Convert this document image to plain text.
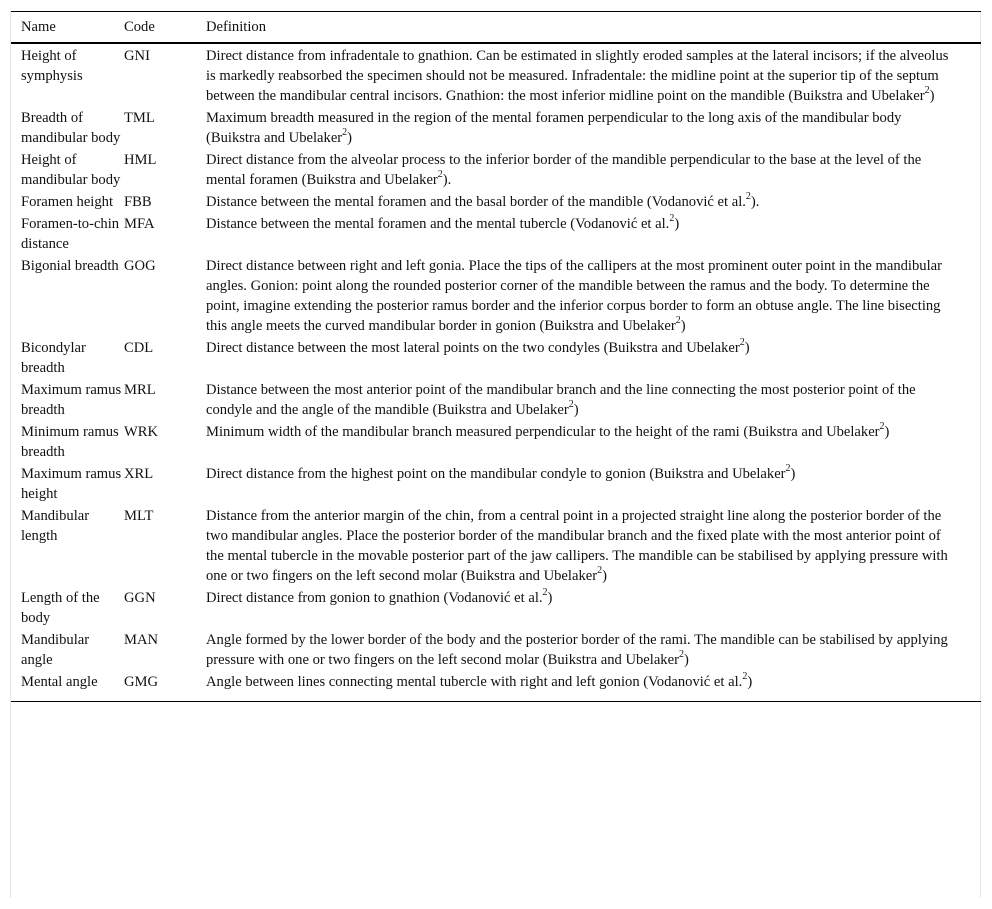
Name	Code	Definition
Height of symphysis	GNI	Direct distance from infradentale to gnathion. Can be estimated in slightly eroded samples at the lateral incisors; if the alveolus is markedly reabsorbed the specimen should not be measured. Infradentale: the midline point at the superior tip of the septum between the mandibular central incisors. Gnathion: the most inferior midline point on the mandible (Buikstra and Ubelaker$^2$)
Breadth of mandibular body	TML	Maximum breadth measured in the region of the mental foramen perpendicular to the long axis of the mandibular body (Buikstra and Ubelaker$^2$)
Height of mandibular body	HML	Direct distance from the alveolar process to the inferior border of the mandible perpendicular to the base at the level of the mental foramen (Buikstra and Ubelaker$^2$).
Foramen height	FBB	Distance between the mental foramen and the basal border of the mandible (Vodanović et al.$^2$).
Foramen-to-chin distance	MFA	Distance between the mental foramen and the mental tubercle (Vodanović et al.$^2$)
Bigonial breadth	GOG	Direct distance between right and left gonia. Place the tips of the callipers at the most prominent outer point in the mandibular angles. Gonion: point along the rounded posterior corner of the mandible between the ramus and the body. To determine the point, imagine extending the posterior ramus border and the inferior corpus border to form an obtuse angle. The line bisecting this angle meets the curved mandibular border in gonion (Buikstra and Ubelaker$^2$)
Bicondylar breadth	CDL	Direct distance between the most lateral points on the two condyles (Buikstra and Ubelaker$^2$)
Maximum ramus breadth	MRL	Distance between the most anterior point of the mandibular branch and the line connecting the most posterior point of the condyle and the angle of the mandible (Buikstra and Ubelaker$^2$)
Minimum ramus breadth	WRK	Minimum width of the mandibular branch measured perpendicular to the height of the rami (Buikstra and Ubelaker$^2$)
Maximum ramus height	XRL	Direct distance from the highest point on the mandibular condyle to gonion (Buikstra and Ubelaker$^2$)
Mandibular length	MLT	Distance from the anterior margin of the chin, from a central point in a projected straight line along the posterior border of the two mandibular angles. Place the posterior border of the mandibular branch and the fixed plate with the most anterior point of the mental tubercle in the movable posterior part of the jaw callipers. The mandible can be stabilised by applying pressure with one or two fingers on the left second molar (Buikstra and Ubelaker$^2$)
Length of the body	GGN	Direct distance from gonion to gnathion (Vodanović et al.$^2$)
Mandibular angle	MAN	Angle formed by the lower border of the body and the posterior border of the rami. The mandible can be stabilised by applying pressure with one or two fingers on the left second molar (Buikstra and Ubelaker$^2$)
Mental angle	GMG	Angle between lines connecting mental tubercle with right and left gonion (Vodanović et al.$^2$)
